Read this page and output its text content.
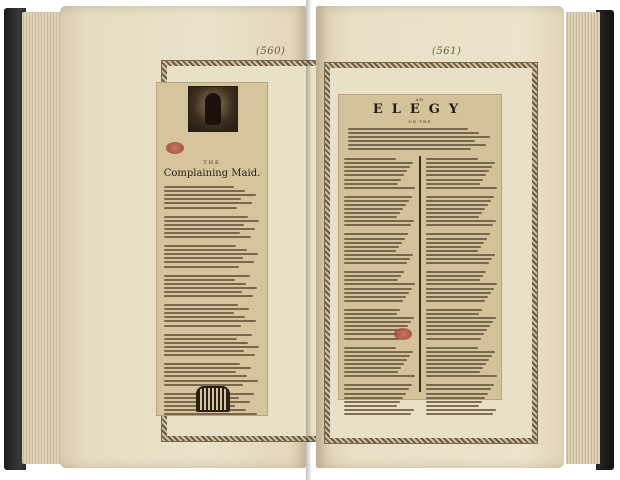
(560)
THE
Complaining Maid.
(561)
AN
ELEGY
ON THE
